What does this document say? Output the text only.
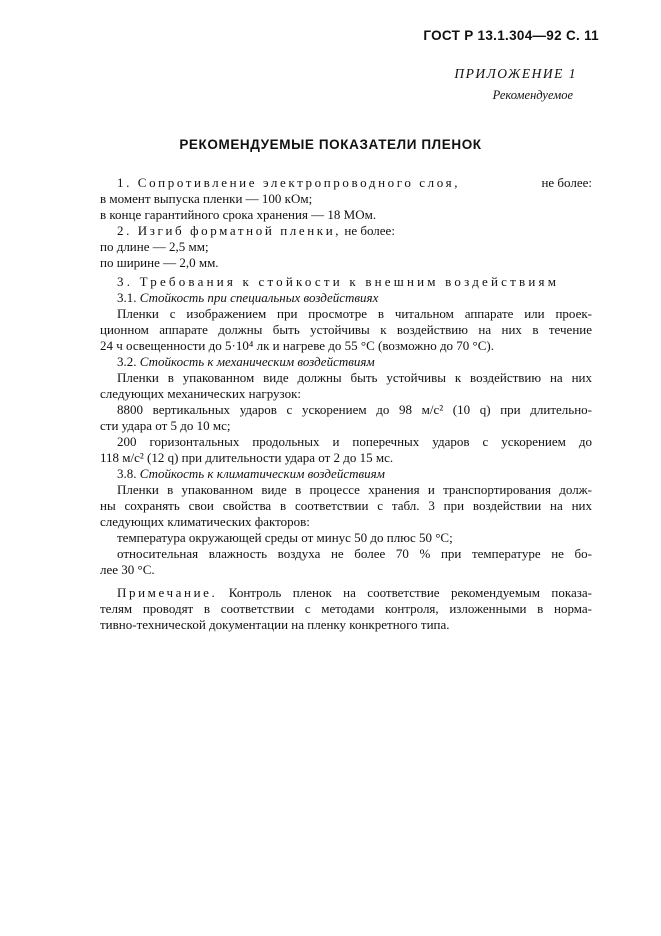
ГОСТ Р 13.1.304—92 С. 11
ПРИЛОЖЕНИЕ 1
Рекомендуемое
РЕКОМЕНДУЕМЫЕ ПОКАЗАТЕЛИ ПЛЕНОК
1. Сопротивление электропроводного слоя,	не более:
в момент выпуска пленки — 100 кОм;
в конце гарантийного срока хранения — 18 МОм.
2. Изгиб форматной пленки, не более:
по длине — 2,5 мм;
по ширине — 2,0 мм.
3. Требования к стойкости к внешним воздействиям
3.1. Стойкость при специальных воздействиях
Пленки с изображением при просмотре в читальном аппарате или проек-
ционном аппарате должны быть устойчивы к воздействию на них в течение
24 ч освещенности до 5·10⁴ лк и нагреве до 55 °С (возможно до 70 °С).
3.2. Стойкость к механическим воздействиям
Пленки в упакованном виде должны быть устойчивы к воздействию на них
следующих механических нагрузок:
8800 вертикальных ударов с ускорением до 98 м/с² (10 q) при длительно-
сти удара от 5 до 10 мс;
200 горизонтальных продольных и поперечных ударов с ускорением до
118 м/с² (12 q) при длительности удара от 2 до 15 мс.
3.8. Стойкость к климатическим воздействиям
Пленки в упакованном виде в процессе хранения и транспортирования долж-
ны сохранять свои свойства в соответствии с табл. 3 при воздействии на них
следующих климатических факторов:
температура окружающей среды от минус 50 до плюс 50 °С;
относительная влажность воздуха не более 70 % при температуре не бо-
лее 30 °С.
Примечание. Контроль пленок на соответствие рекомендуемым показа-
телям проводят в соответствии с методами контроля, изложенными в норма-
тивно-технической документации на пленку конкретного типа.
